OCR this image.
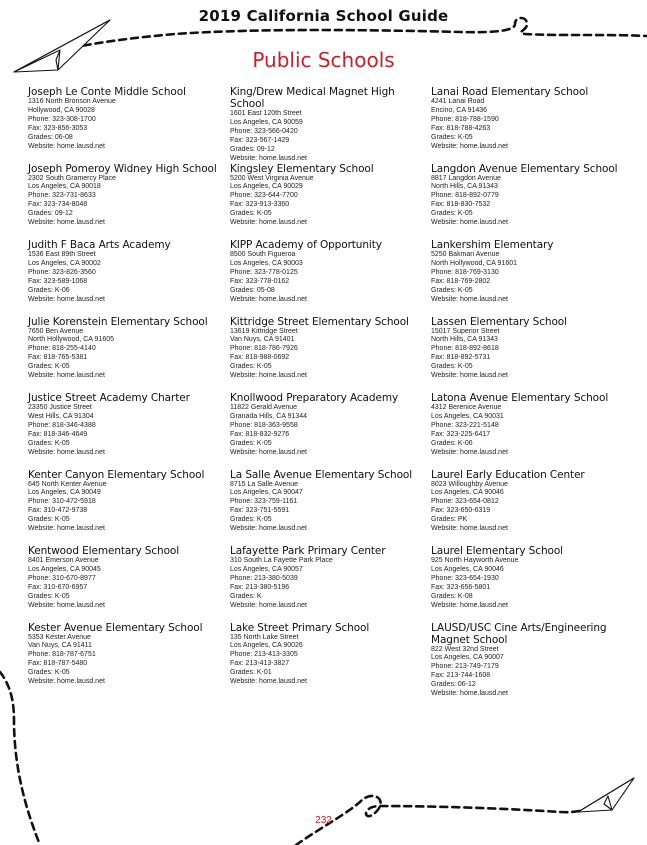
2019 California School Guide
Public Schools
Joseph Le Conte Middle School
1316 North Bronson Avenue
Hollywood, CA 90028
Phone: 323-308-1700
Fax: 323-856-3053
Grades: 06-08
Website: home.lausd.net
Joseph Pomeroy Widney High School
2302 South Gramercy Place
Los Angeles, CA 90018
Phone: 323-731-8633
Fax: 323-734-8048
Grades: 09-12
Website: home.lausd.net
Judith F Baca Arts Academy
1536 East 89th Street
Los Angeles, CA 90002
Phone: 323-826-3560
Fax: 323-589-1068
Grades: K-06
Website: home.lausd.net
Julie Korenstein Elementary School
7650 Ben Avenue
North Hollywood, CA 91605
Phone: 818-255-4140
Fax: 818-765-5381
Grades: K-05
Website: home.lausd.net
Justice Street Academy Charter
23350 Justice Street
West Hills, CA 91304
Phone: 818-346-4388
Fax: 818-346-4649
Grades: K-05
Website: home.lausd.net
Kenter Canyon Elementary School
645 North Kenter Avenue
Los Angeles, CA 90049
Phone: 310-472-5918
Fax: 310-472-9738
Grades: K-05
Website: home.lausd.net
Kentwood Elementary School
8401 Emerson Avenue
Los Angeles, CA 90045
Phone: 310-670-8977
Fax: 310-670-6957
Grades: K-05
Website: home.lausd.net
Kester Avenue Elementary School
5353 Kester Avenue
Van Nuys, CA 91411
Phone: 818-787-6751
Fax: 818-787-5480
Grades: K-05
Website: home.lausd.net
King/Drew Medical Magnet High School
1601 East 120th Street
Los Angeles, CA 90059
Phone: 323-566-0420
Fax: 323-567-1429
Grades: 09-12
Website: home.lausd.net
Kingsley Elementary School
5200 West Virginia Avenue
Los Angeles, CA 90029
Phone: 323-644-7700
Fax: 323-913-3360
Grades: K-05
Website: home.lausd.net
KIPP Academy of Opportunity
8500 South Figueroa
Los Angeles, CA 90003
Phone: 323-778-0125
Fax: 323-778-0162
Grades: 05-08
Website: home.lausd.net
Kittridge Street Elementary School
13619 Kittridge Street
Van Nuys, CA 91401
Phone: 818-786-7926
Fax: 818-988-0692
Grades: K-05
Website: home.lausd.net
Knollwood Preparatory Academy
11822 Gerald Avenue
Granada Hills, CA 91344
Phone: 818-363-9558
Fax: 818-832-9276
Grades: K-05
Website: home.lausd.net
La Salle Avenue Elementary School
8715 La Salle Avenue
Los Angeles, CA 90047
Phone: 323-759-1161
Fax: 323-751-5591
Grades: K-05
Website: home.lausd.net
Lafayette Park Primary Center
310 South La Fayette Park Place
Los Angeles, CA 90057
Phone: 213-380-5039
Fax: 213-380-5196
Grades: K
Website: home.lausd.net
Lake Street Primary School
135 North Lake Street
Los Angeles, CA 90026
Phone: 213-413-3305
Fax: 213-413-3827
Grades: K-01
Website: home.lausd.net
Lanai Road Elementary School
4241 Lanai Road
Encino, CA 91436
Phone: 818-788-1590
Fax: 818-788-4263
Grades: K-05
Website: home.lausd.net
Langdon Avenue Elementary School
8817 Langdon Avenue
North Hills, CA 91343
Phone: 818-892-0779
Fax: 818-830-7532
Grades: K-05
Website: home.lausd.net
Lankershim Elementary
5250 Bakman Avenue
North Hollywood, CA 91601
Phone: 818-769-3130
Fax: 818-769-2802
Grades: K-05
Website: home.lausd.net
Lassen Elementary School
15017 Superior Street
North Hills, CA 91343
Phone: 818-892-8618
Fax: 818-892-5731
Grades: K-05
Website: home.lausd.net
Latona Avenue Elementary School
4312 Berenice Avenue
Los Angeles, CA 90031
Phone: 323-221-5148
Fax: 323-225-6417
Grades: K-06
Website: home.lausd.net
Laurel Early Education Center
8023 Willoughby Avenue
Los Angeles, CA 90046
Phone: 323-654-0812
Fax: 323-650-6319
Grades: PK
Website: home.lausd.net
Laurel Elementary School
925 North Hayworth Avenue
Los Angeles, CA 90046
Phone: 323-654-1930
Fax: 323-656-5801
Grades: K-08
Website: home.lausd.net
LAUSD/USC Cine Arts/Engineering Magnet School
822 West 32nd Street
Los Angeles, CA 90007
Phone: 213-749-7179
Fax: 213-744-1608
Grades: 06-12
Website: home.lausd.net
232
